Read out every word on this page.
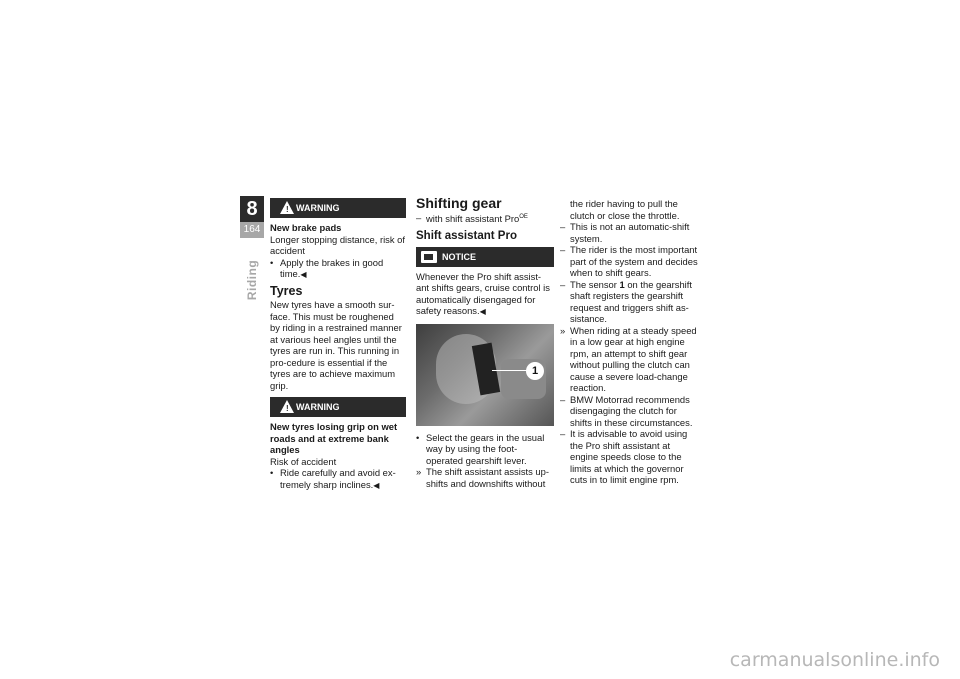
8
164
Riding
! WARNING

New brake pads

Longer stopping distance, risk of accident

• Apply the brakes in good time.◀
Tyres

New tyres have a smooth sur-face. This must be roughened by riding in a restrained manner at various heel angles until the tyres are run in. This running in pro-cedure is essential if the tyres are to achieve maximum grip.

! WARNING

New tyres losing grip on wet roads and at extreme bank angles

Risk of accident

• Ride carefully and avoid ex-tremely sharp inclines.◀
Shifting gear
– with shift assistant Pro$^{OE}$
Shift assistant Pro
NOTICE

Whenever the Pro shift assist-ant shifts gears, cruise control is automatically disengaged for safety reasons.◀

1
• Select the gears in the usual way by using the foot-operated gearshift lever.
» The shift assistant assists up-shifts and downshifts without
the rider having to pull the clutch or close the throttle.
– This is not an automatic-shift system.
– The rider is the most important part of the system and decides when to shift gears.
– The sensor 1 on the gearshift shaft registers the gearshift request and triggers shift as-sistance.
» When riding at a steady speed in a low gear at high engine rpm, an attempt to shift gear without pulling the clutch can cause a severe load-change reaction.
– BMW Motorrad recommends disengaging the clutch for shifts in these circumstances.
– It is advisable to avoid using the Pro shift assistant at engine speeds close to the limits at which the governor cuts in to limit engine rpm.
carmanualsonline.info
